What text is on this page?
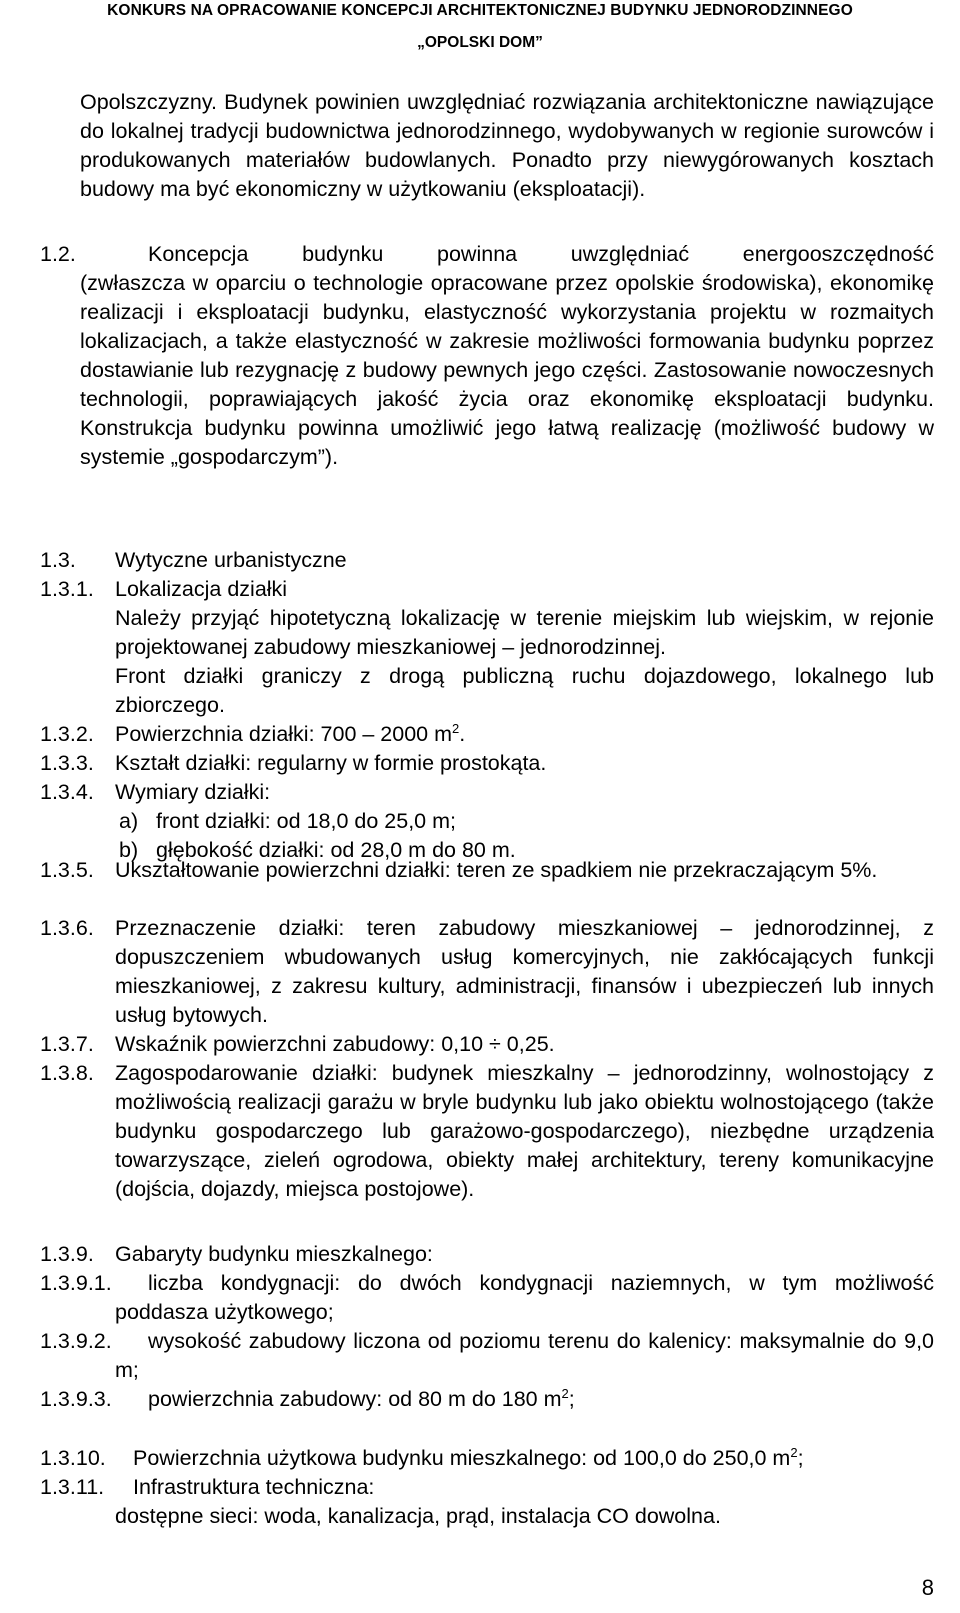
KONKURS NA OPRACOWANIE KONCEPCJI ARCHITEKTONICZNEJ BUDYNKU JEDNORODZINNEGO
„OPOLSKI DOM”
Opolszczyzny. Budynek powinien uwzględniać rozwiązania architektoniczne nawiązujące do lokalnej tradycji budownictwa jednorodzinnego, wydobywanych w regionie surowców i produkowanych materiałów budowlanych. Ponadto przy niewygórowanych kosztach budowy ma być ekonomiczny w użytkowaniu (eksploatacji).
1.2.	Koncepcja budynku powinna uwzględniać energooszczędność
(zwłaszcza w oparciu o technologie opracowane przez opolskie środowiska), ekonomikę realizacji i eksploatacji budynku, elastyczność wykorzystania projektu w rozmaitych lokalizacjach, a także elastyczność w zakresie możliwości formowania budynku poprzez dostawianie lub rezygnację z budowy pewnych jego części. Zastosowanie nowoczesnych technologii, poprawiających jakość życia oraz ekonomikę eksploatacji budynku. Konstrukcja budynku powinna umożliwić jego łatwą realizację (możliwość budowy w systemie „gospodarczym”).
1.3. Wytyczne urbanistyczne
1.3.1. Lokalizacja działki
Należy przyjąć hipotetyczną lokalizację w terenie miejskim lub wiejskim, w rejonie projektowanej zabudowy mieszkaniowej – jednorodzinnej.
Front działki graniczy z drogą publiczną ruchu dojazdowego, lokalnego lub zbiorczego.
1.3.2. Powierzchnia działki: 700 – 2000 $m^2$.
1.3.3. Kształt działki: regularny w formie prostokąta.
1.3.4. Wymiary działki:
a) front działki: od 18,0 do 25,0 m;
b) głębokość działki: od 28,0 m do 80 m.
1.3.5. Ukształtowanie powierzchni działki: teren ze spadkiem nie przekraczającym 5%.
1.3.6. Przeznaczenie działki: teren zabudowy mieszkaniowej – jednorodzinnej, z dopuszczeniem wbudowanych usług komercyjnych, nie zakłócających funkcji mieszkaniowej, z zakresu kultury, administracji, finansów i ubezpieczeń lub innych usług bytowych.
1.3.7. Wskaźnik powierzchni zabudowy: 0,10 ÷ 0,25.
1.3.8. Zagospodarowanie działki: budynek mieszkalny – jednorodzinny, wolnostojący z możliwością realizacji garażu w bryle budynku lub jako obiektu wolnostojącego (także budynku gospodarczego lub garażowo-gospodarczego), niezbędne urządzenia towarzyszące, zieleń ogrodowa, obiekty małej architektury, tereny komunikacyjne (dojścia, dojazdy, miejsca postojowe).
1.3.9. Gabaryty budynku mieszkalnego:
1.3.9.1.	liczba kondygnacji: do dwóch kondygnacji naziemnych, w tym możliwość poddasza użytkowego;
1.3.9.2.	wysokość zabudowy liczona od poziomu terenu do kalenicy: maksymalnie do 9,0 m;
1.3.9.3. powierzchnia zabudowy: od 80 m do 180 $m^2$;
1.3.10. Powierzchnia użytkowa budynku mieszkalnego: od 100,0 do 250,0 $m^2$;
1.3.11. Infrastruktura techniczna:
dostępne sieci: woda, kanalizacja, prąd, instalacja CO dowolna.
8
